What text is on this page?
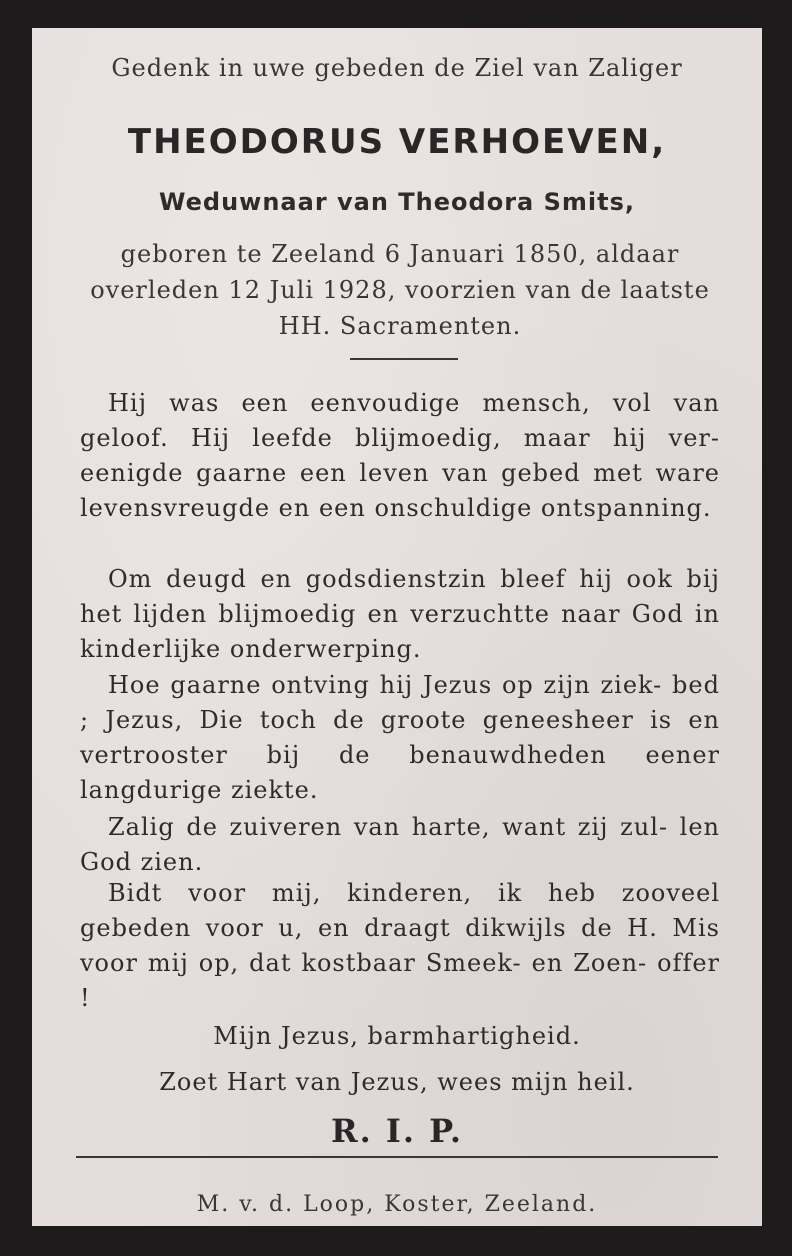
Gedenk in uwe gebeden de Ziel van Zaliger
THEODORUS VERHOEVEN,
Weduwnaar van Theodora Smits,
geboren te Zeeland 6 Januari 1850, aldaar overleden 12 Juli 1928, voorzien van de laatste HH. Sacramenten.
Hij was een eenvoudige mensch, vol van geloof. Hij leefde blijmoedig, maar hij ver- eenigde gaarne een leven van gebed met ware levensvreugde en een onschuldige ontspanning.
Om deugd en godsdienstzin bleef hij ook bij het lijden blijmoedig en verzuchtte naar God in kinderlijke onderwerping.
Hoe gaarne ontving hij Jezus op zijn ziek- bed ; Jezus, Die toch de groote geneesheer is en vertrooster bij de benauwdheden eener langdurige ziekte.
Zalig de zuiveren van harte, want zij zul- len God zien.
Bidt voor mij, kinderen, ik heb zooveel gebeden voor u, en draagt dikwijls de H. Mis voor mij op, dat kostbaar Smeek- en Zoen- offer !
Mijn Jezus, barmhartigheid.
Zoet Hart van Jezus, wees mijn heil.
R. I. P.
M. v. d. Loop, Koster, Zeeland.
